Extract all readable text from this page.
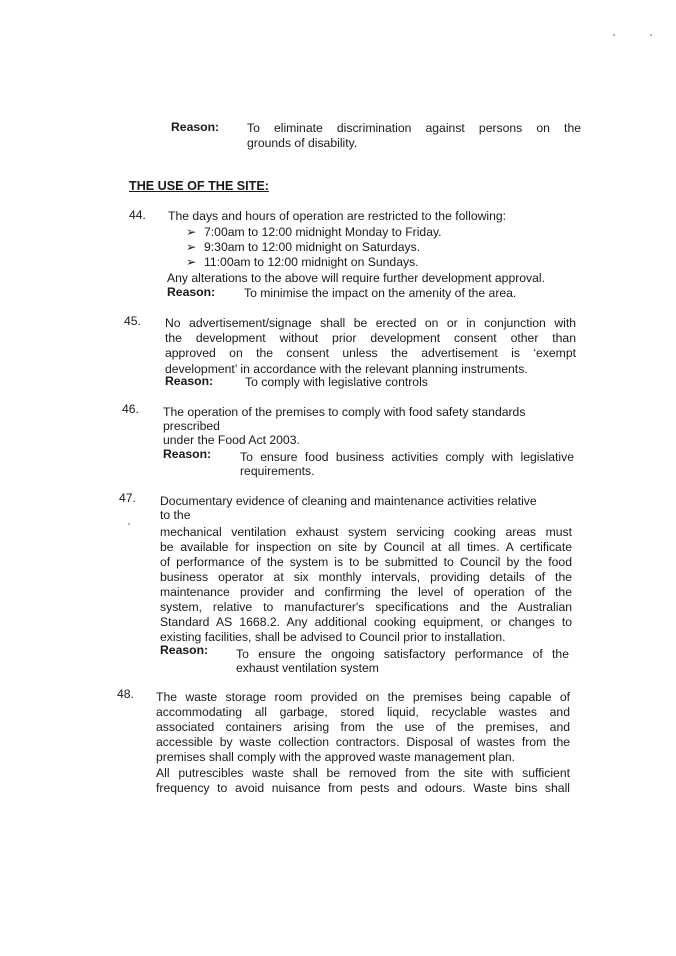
Reason: To eliminate discrimination against persons on the
grounds of disability.
THE USE OF THE SITE:
44. The days and hours of operation are restricted to the following:
➢ 7:00am to 12:00 midnight Monday to Friday.
➢ 9:30am to 12:00 midnight on Saturdays.
➢ 11:00am to 12:00 midnight on Sundays.
Any alterations to the above will require further development approval.
Reason: To minimise the impact on the amenity of the area.
45. No advertisement/signage shall be erected on or in conjunction with
the development without prior development consent other than
approved on the consent unless the advertisement is ‘exempt
development’ in accordance with the relevant planning instruments.
Reason:	To comply with legislative controls
46. The operation of the premises to comply with food safety standards
prescribed
under the Food Act 2003.
Reason: To ensure food business activities comply with legislative
requirements.
47. Documentary evidence of cleaning and maintenance activities relative
to the
mechanical ventilation exhaust system servicing cooking areas must
be available for inspection on site by Council at all times. A certificate
of performance of the system is to be submitted to Council by the food
business operator at six monthly intervals, providing details of the
maintenance provider and confirming the level of operation of the
system, relative to manufacturer's specifications and the Australian
Standard AS 1668.2. Any additional cooking equipment, or changes to
existing facilities, shall be advised to Council prior to installation.
Reason: To ensure the ongoing satisfactory performance of the
exhaust ventilation system
48. The waste storage room provided on the premises being capable of
accommodating all garbage, stored liquid, recyclable wastes and
associated containers arising from the use of the premises, and
accessible by waste collection contractors. Disposal of wastes from the
premises shall comply with the approved waste management plan.
All putrescibles waste shall be removed from the site with sufficient
frequency to avoid nuisance from pests and odours. Waste bins shall
